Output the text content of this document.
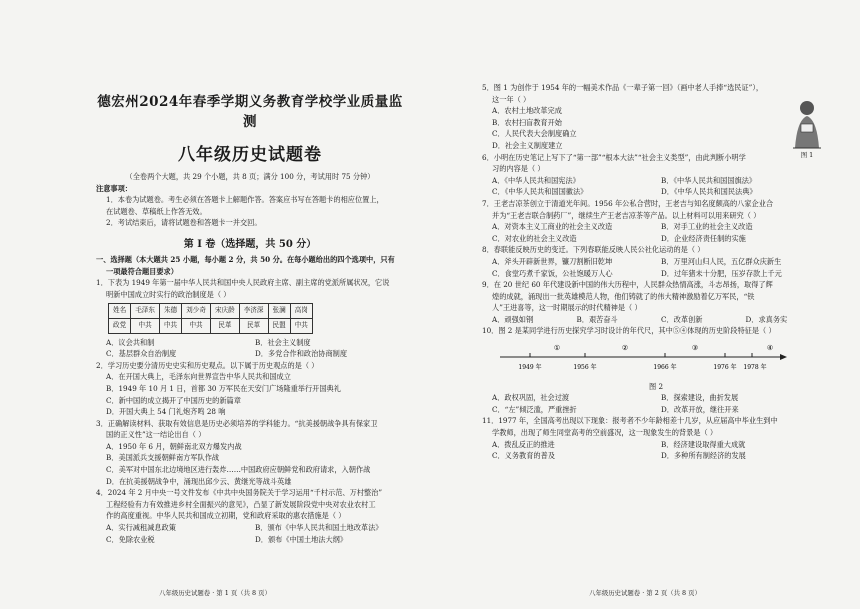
德宏州2024年春季学期义务教育学校学业质量监测
八年级历史试题卷
（全卷两个大题，共 29 个小题，共 8 页；满分 100 分，考试用时 75 分钟）
注意事项：
1．本卷为试题卷。考生必须在答题卡上解题作答。答案应书写在答题卡的相应位置上，
在试题卷、草稿纸上作答无效。
2．考试结束后，请将试题卷和答题卡一并交回。
第 I 卷（选择题，共 50 分）
一、选择题（本大题共 25 小题，每小题 2 分，共 50 分。在每小题给出的四个选项中，只有
一项最符合题目要求）
1．下表为 1949 年第一届中华人民共和国中央人民政府主席、副主席的党派所属状况，它说
明新中国成立时实行的政治制度是（ ）
姓名	毛泽东	朱德	刘少奇	宋庆龄	李济深	张澜	高岗
政党	中共	中共	中共	民革	民革	民盟	中共
A．议会共和制	B．社会主义制度
C．基层群众自治制度	D．多党合作和政治协商制度
2．学习历史要分清历史史实和历史观点。以下属于历史观点的是（ ）
A．在开国大典上，毛泽东向世界宣告中华人民共和国成立
B．1949 年 10 月 1 日，首都 30 万军民在天安门广场隆重举行开国典礼
C．新中国的成立揭开了中国历史的新篇章
D．开国大典上 54 门礼炮齐鸣 28 响
3．正确解读材料、获取有效信息是历史必须培养的学科能力。“抗美援朝战争具有保家卫
国的正义性”这一结论出自（ ）
A．1950 年 6 月，朝鲜南北双方爆发内战
B．美国派兵支援朝鲜南方军队作战
C．美军对中国东北边境地区进行轰炸……中国政府应朝鲜党和政府请求，入朝作战
D．在抗美援朝战争中，涌现出邱少云、黄继光等战斗英雄
4．2024 年 2 月中央一号文件发布《中共中央国务院关于学习运用“千村示范、万村整治”
工程经验有力有效推进乡村全面振兴的意见》，凸显了新发展阶段党中央对农业农村工
作的高度重视。中华人民共和国成立初期，党和政府采取的惠农措施是（ ）
A．实行减租减息政策	B．颁布《中华人民共和国土地改革法》
C．免除农业税	D．颁布《中国土地法大纲》
八年级历史试题卷 · 第 1 页（共 8 页）
5．图 1 为创作于 1954 年的一幅美术作品《一辈子第一回》（画中老人手捧“选民证”），
图 1
这一年（ ）
A．农村土地改革完成
B．农村扫盲教育开始
C．人民代表大会制度确立
D．社会主义制度建立
6．小明在历史笔记上写下了“第一部”“根本大法”“社会主义类型”，由此判断小明学
习的内容是（ ）
A．《中华人民共和国宪法》	B．《中华人民共和国国旗法》
C．《中华人民共和国国徽法》	D．《中华人民共和国民法典》
7．王老吉凉茶创立于清道光年间。1956 年公私合营时，王老吉与知名度颇高的八家企业合
并为“王老吉联合制药厂”，继续生产王老吉凉茶等产品。以上材料可以用来研究（ ）
A．对资本主义工商业的社会主义改造	B．对手工业的社会主义改造
C．对农业的社会主义改造	D．企业经济责任制的实施
8．春联能反映历史的变迁。下列春联能反映人民公社化运动的是（ ）
A．斧头开辟新世界，镰刀割断旧乾坤	B．万里河山归人民，五亿群众庆新生
C．食堂巧煮千家饭，公社饱暖万人心	D．过年猪未十分肥，压岁存款上千元
9．在 20 世纪 60 年代建设新中国的伟大历程中，人民群众热情高涨，斗志昂扬，取得了辉
煌的成就，涌现出一批英雄模范人物，他们铸就了的伟大精神激励着亿万军民，“铁
人”王进喜等，这一时期展示的时代精神是（ ）
A．顽强如钢	B．艰苦奋斗	C．改革创新	D．求真务实
10．图 2 是某同学进行历史探究学习时设计的年代尺，其中⑤④体现的历史阶段特征是（ ）
①	②	③	④
1949 年	1956 年	1966 年	1976 年 1978 年
图 2
A．政权巩固，社会过渡	B．探索建设，曲折发展
C．“左”倾泛滥，严重挫折	D．改革开放，继往开来
11．1977 年，全国高考出现以下现象：报考者不少年龄相差十几岁，从应届高中毕业生到中
学教师，出现了师生同堂高考的空前盛况，这一现象发生的背景是（ ）
A．拨乱反正的推进	B．经济建设取得重大成就
C．义务教育的普及	D．多种所有制经济的发展
八年级历史试题卷 · 第 2 页（共 8 页）
